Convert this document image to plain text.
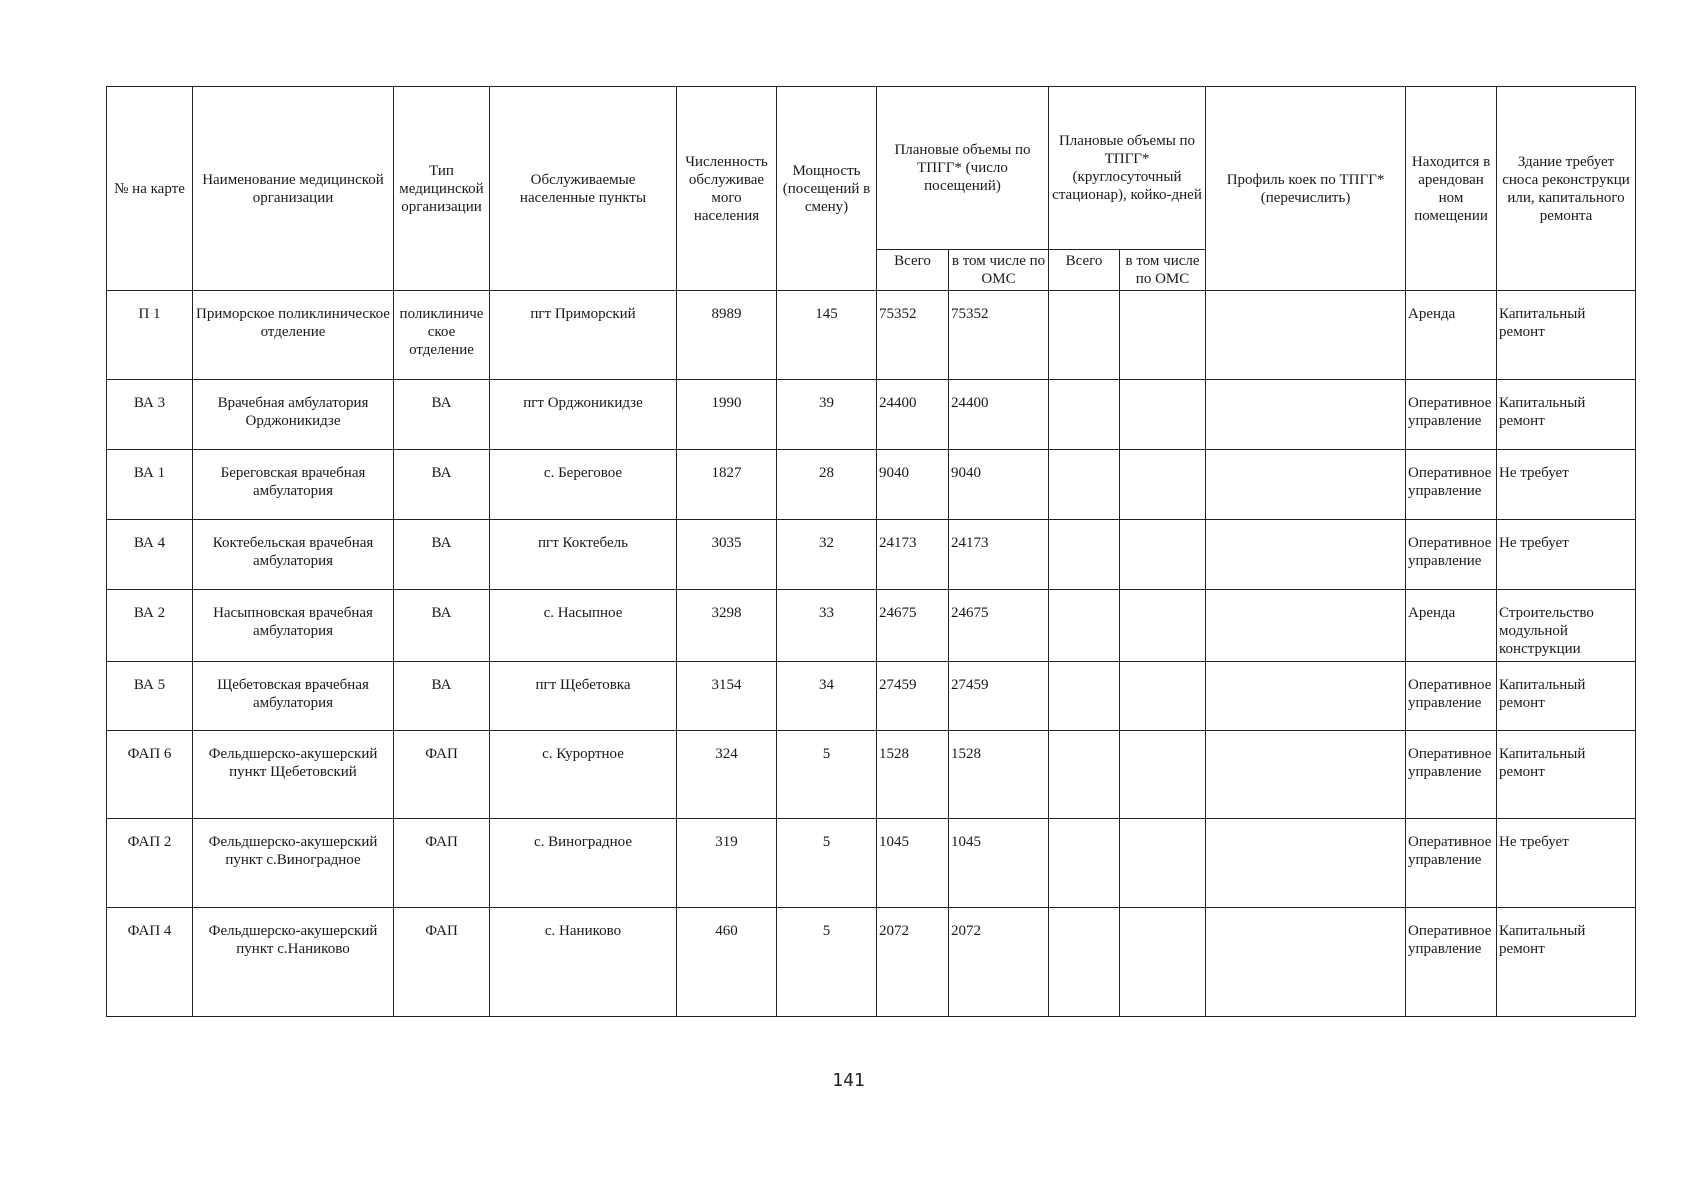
№ на карте	Наименование медицинской организации	Тип медицинской организации	Обслуживаемые населенные пункты	Численность обслуживае мого населения	Мощность (посещений в смену)	Плановые объемы по ТПГГ* (число посещений)		Плановые объемы по ТПГГ* (круглосуточный стационар), койко-дней		Профиль коек по ТПГГ* (перечислить)	Находится в арендован ном помещении	Здание требует сноса реконструкци или, капитального ремонта
						Всего	в том числе по ОМС	Всего	в том числе по ОМС			
П 1	Приморское поликлиническое отделение	поликлиниче ское отделение	пгт Приморский	8989	145	75352	75352				Аренда	Капитальный ремонт
ВА 3	Врачебная амбулатория Орджоникидзе	ВА	пгт Орджоникидзе	1990	39	24400	24400				Оперативное управление	Капитальный ремонт
ВА 1	Береговская врачебная амбулатория	ВА	с. Береговое	1827	28	9040	9040				Оперативное управление	Не требует
ВА 4	Коктебельская врачебная амбулатория	ВА	пгт Коктебель	3035	32	24173	24173				Оперативное управление	Не требует
ВА 2	Насыпновская врачебная амбулатория	ВА	с. Насыпное	3298	33	24675	24675				Аренда	Строительство модульной конструкции
ВА 5	Щебетовская врачебная амбулатория	ВА	пгт Щебетовка	3154	34	27459	27459				Оперативное управление	Капитальный ремонт
ФАП 6	Фельдшерско-акушерский пункт Щебетовский	ФАП	с. Курортное	324	5	1528	1528				Оперативное управление	Капитальный ремонт
ФАП 2	Фельдшерско-акушерский пункт с.Виноградное	ФАП	с. Виноградное	319	5	1045	1045				Оперативное управление	Не требует
ФАП 4	Фельдшерско-акушерский пункт с.Наниково	ФАП	с. Наниково	460	5	2072	2072				Оперативное управление	Капитальный ремонт
141
